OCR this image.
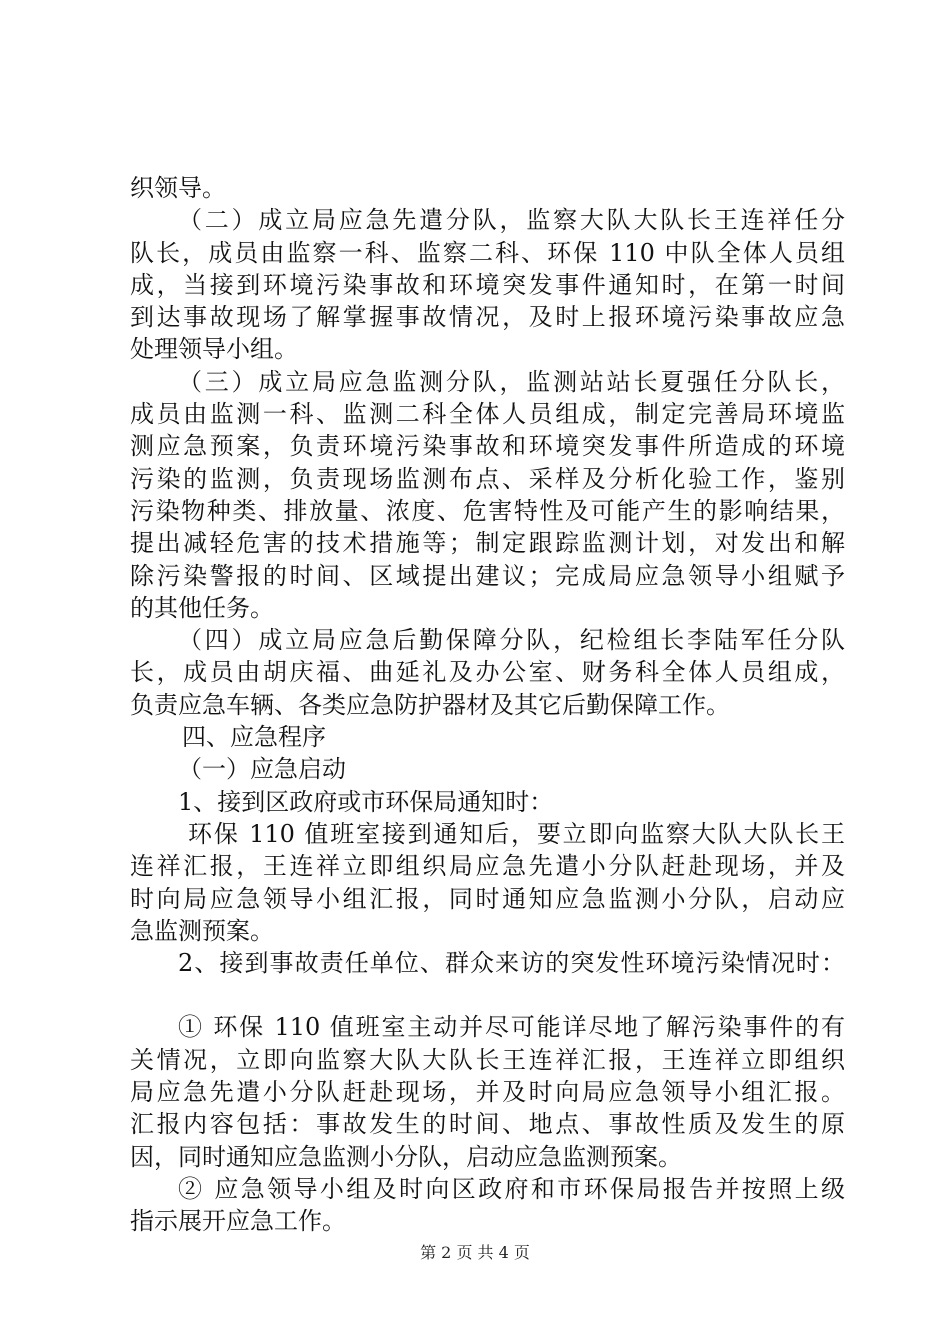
织领导。
（二）成立局应急先遣分队，监察大队大队长王连祥任分
队长，成员由监察一科、监察二科、环保 110 中队全体人员组
成，当接到环境污染事故和环境突发事件通知时，在第一时间
到达事故现场了解掌握事故情况，及时上报环境污染事故应急
处理领导小组。
（三）成立局应急监测分队，监测站站长夏强任分队长，
成员由监测一科、监测二科全体人员组成，制定完善局环境监
测应急预案，负责环境污染事故和环境突发事件所造成的环境
污染的监测，负责现场监测布点、采样及分析化验工作，鉴别
污染物种类、排放量、浓度、危害特性及可能产生的影响结果，
提出减轻危害的技术措施等；制定跟踪监测计划，对发出和解
除污染警报的时间、区域提出建议；完成局应急领导小组赋予
的其他任务。
（四）成立局应急后勤保障分队，纪检组长李陆军任分队
长，成员由胡庆福、曲延礼及办公室、财务科全体人员组成，
负责应急车辆、各类应急防护器材及其它后勤保障工作。
四、应急程序
（一）应急启动
1、接到区政府或市环保局通知时：
环保 110 值班室接到通知后，要立即向监察大队大队长王
连祥汇报，王连祥立即组织局应急先遣小分队赶赴现场，并及
时向局应急领导小组汇报，同时通知应急监测小分队，启动应
急监测预案。
2、接到事故责任单位、群众来访的突发性环境污染情况时：
① 环保 110 值班室主动并尽可能详尽地了解污染事件的有
关情况，立即向监察大队大队长王连祥汇报，王连祥立即组织
局应急先遣小分队赶赴现场，并及时向局应急领导小组汇报。
汇报内容包括：事故发生的时间、地点、事故性质及发生的原
因，同时通知应急监测小分队，启动应急监测预案。
② 应急领导小组及时向区政府和市环保局报告并按照上级
指示展开应急工作。
第 2 页 共 4 页
